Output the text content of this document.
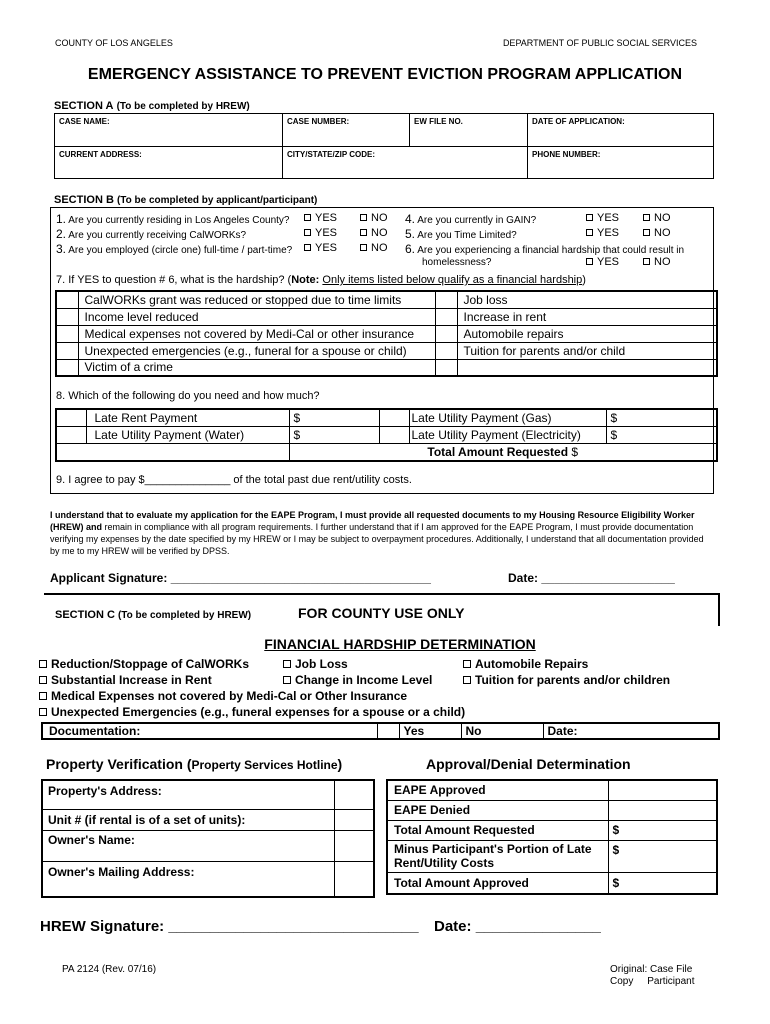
COUNTY OF LOS ANGELES	DEPARTMENT OF PUBLIC SOCIAL SERVICES
EMERGENCY ASSISTANCE TO PREVENT EVICTION PROGRAM APPLICATION
SECTION A (To be completed by HREW)
CASE NAME:	CASE NUMBER:	EW FILE NO.	DATE OF APPLICATION:
CURRENT ADDRESS:	CITY/STATE/ZIP CODE:	PHONE NUMBER:
SECTION B (To be completed by applicant/participant)
1. Are you currently residing in Los Angeles County?
2. Are you currently receiving CalWORKs?
3. Are you employed (circle one) full-time / part-time?
YES	NO
YES	NO
YES	NO
4. Are you currently in GAIN?
5. Are you Time Limited?
6. Are you experiencing a financial hardship that could result in
homelessness?
YES	NO
YES	NO
YES	NO
7. If YES to question # 6, what is the hardship? (Note: Only items listed below qualify as a financial hardship)
	CalWORKs grant was reduced or stopped due to time limits		Job loss
	Income level reduced		Increase in rent
	Medical expenses not covered by Medi-Cal or other insurance		Automobile repairs
	Unexpected emergencies (e.g., funeral for a spouse or child)		Tuition for parents and/or child
	Victim of a crime		
8. Which of the following do you need and how much?
	Late Rent Payment	$		Late Utility Payment (Gas)	$
	Late Utility Payment (Water)	$		Late Utility Payment (Electricity)	$
		Total Amount Requested $			
9. I agree to pay $______________ of the total past due rent/utility costs.
I understand that to evaluate my application for the EAPE Program, I must provide all requested documents to my Housing Resource Eligibility Worker (HREW) and remain in compliance with all program requirements. I further understand that if I am approved for the EAPE Program, I must provide documentation verifying my expenses by the date specified by my HREW or I may be subject to overpayment procedures. Additionally, I understand that all documentation provided by me to my HREW will be verified by DPSS.
Applicant Signature: _______________________________________	Date: ____________________
SECTION C (To be completed by HREW)	FOR COUNTY USE ONLY
FINANCIAL HARDSHIP DETERMINATION
Reduction/Stoppage of CalWORKs	Job Loss	Automobile Repairs
Substantial Increase in Rent	Change in Income Level	Tuition for parents and/or children
Medical Expenses not covered by Medi-Cal or Other Insurance
Unexpected Emergencies (e.g., funeral expenses for a spouse or a child)
Documentation:		Yes	No	Date:
Property Verification (Property Services Hotline)
Property's Address:	
Unit # (if rental is of a set of units):	
Owner's Name:	
Owner's Mailing Address:	
Approval/Denial Determination
EAPE Approved	
EAPE Denied	
Total Amount Requested	$
Minus Participant's Portion of Late Rent/Utility Costs	$
Total Amount Approved	$
HREW Signature: ______________________________ Date: _______________
PA 2124 (Rev. 07/16)	Original: Case File
Copy     Participant
